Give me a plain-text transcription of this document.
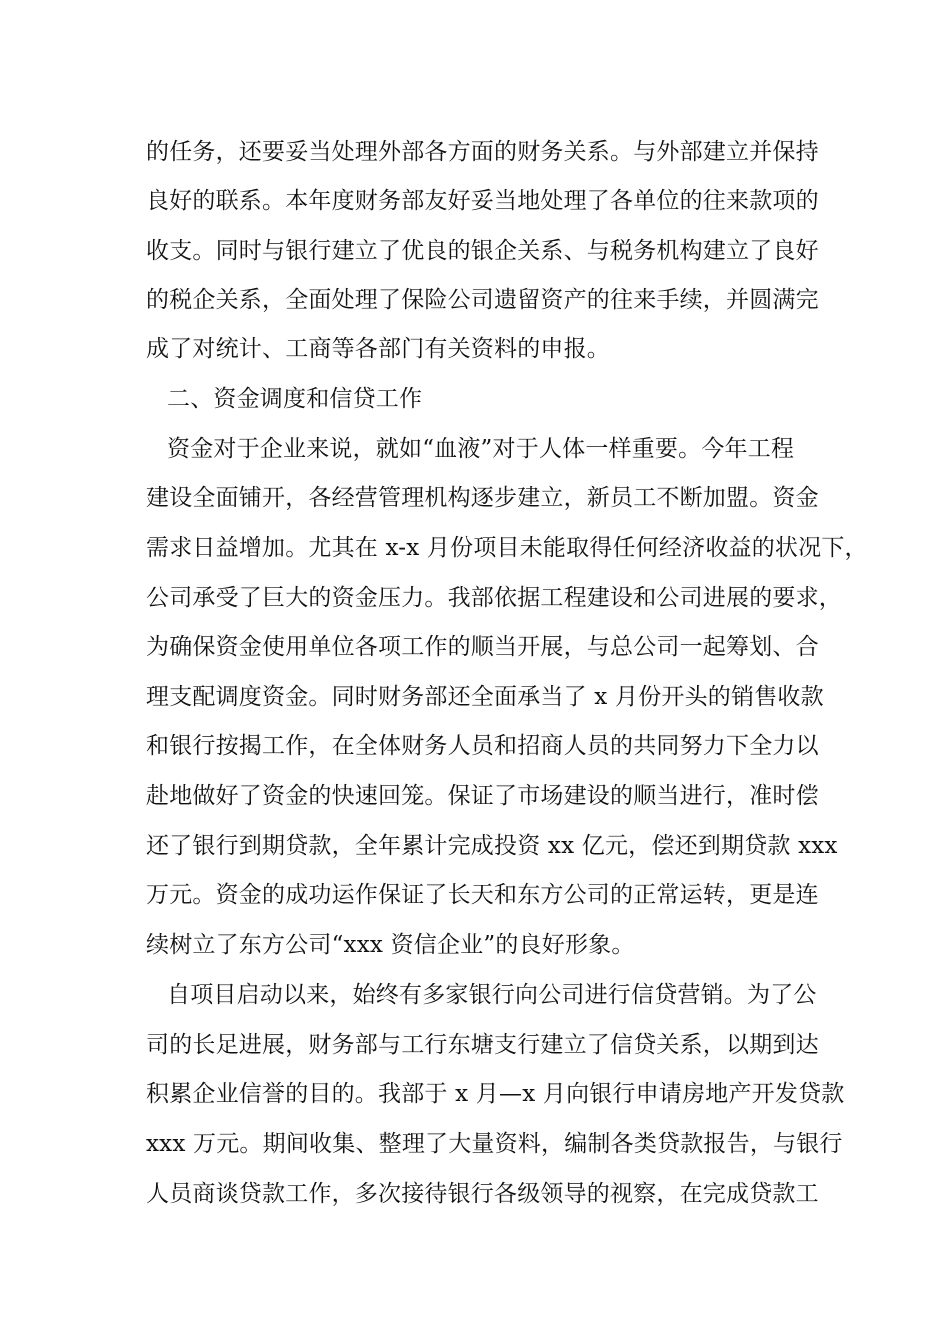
的任务，还要妥当处理外部各方面的财务关系。与外部建立并保持
良好的联系。本年度财务部友好妥当地处理了各单位的往来款项的
收支。同时与银行建立了优良的银企关系、与税务机构建立了良好
的税企关系，全面处理了保险公司遗留资产的往来手续，并圆满完
成了对统计、工商等各部门有关资料的申报。
二、资金调度和信贷工作
资金对于企业来说，就如“血液”对于人体一样重要。今年工程
建设全面铺开，各经营管理机构逐步建立，新员工不断加盟。资金
需求日益增加。尤其在 x-x 月份项目未能取得任何经济收益的状况下，
公司承受了巨大的资金压力。我部依据工程建设和公司进展的要求，
为确保资金使用单位各项工作的顺当开展，与总公司一起筹划、合
理支配调度资金。同时财务部还全面承当了 x 月份开头的销售收款
和银行按揭工作，在全体财务人员和招商人员的共同努力下全力以
赴地做好了资金的快速回笼。保证了市场建设的顺当进行，准时偿
还了银行到期贷款，全年累计完成投资 xx 亿元，偿还到期贷款 xxx
万元。资金的成功运作保证了长天和东方公司的正常运转，更是连
续树立了东方公司“xxx 资信企业”的良好形象。
自项目启动以来，始终有多家银行向公司进行信贷营销。为了公
司的长足进展，财务部与工行东塘支行建立了信贷关系，以期到达
积累企业信誉的目的。我部于 x 月—x 月向银行申请房地产开发贷款
xxx 万元。期间收集、整理了大量资料，编制各类贷款报告，与银行
人员商谈贷款工作，多次接待银行各级领导的视察，在完成贷款工
